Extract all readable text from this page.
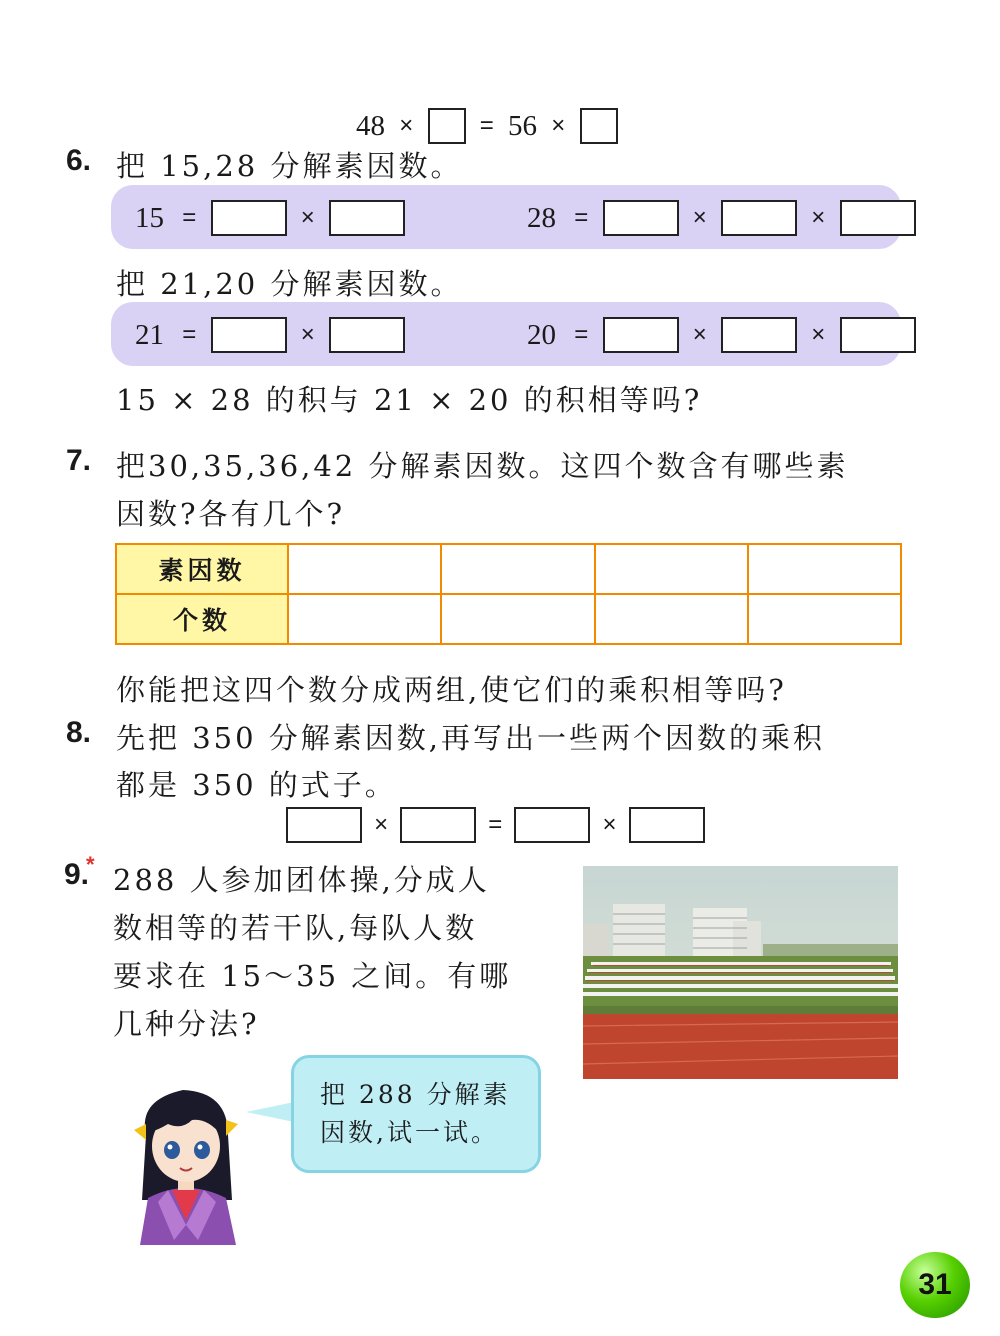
48 ×	= 56 ×
6. 把 15,28 分解素因数。
15 =	×	28 =	×	×
把 21,20 分解素因数。
21 =	×	20 =	×	×
15 × 28 的积与 21 × 20 的积相等吗?
7. 把30,35,36,42 分解素因数。这四个数含有哪些素
因数?各有几个?
素因数				
个数				
你能把这四个数分成两组,使它们的乘积相等吗?
8. 先把 350 分解素因数,再写出一些两个因数的乘积
都是 350 的式子。
×	=	×
9.
* 288 人参加团体操,分成人
数相等的若干队,每队人数
要求在 15～35 之间。有哪
几种分法?
把 288 分解素
因数,试一试。
31
